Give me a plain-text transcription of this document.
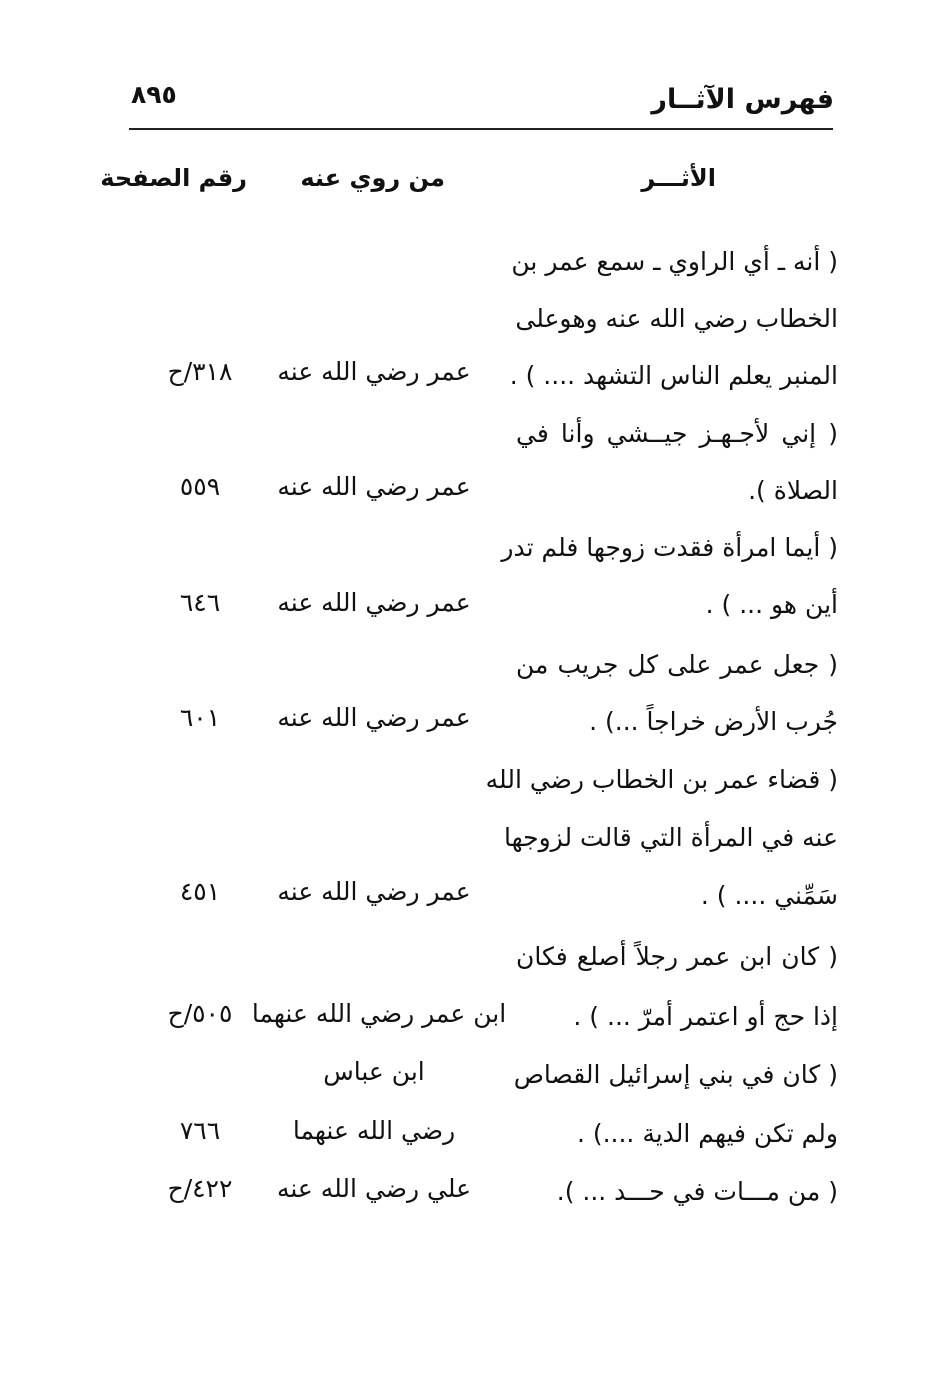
فهرس الآثــار
٨٩٥
الأثـــر
من روي عنه
رقم الصفحة
( أنه ـ أي الراوي ـ سمع عمر بن
الخطاب رضي الله عنه وهوعلى
المنبر يعلم الناس التشهد .... ) .
عمر رضي الله عنه
٣١٨/ح
( إني لأجـهـز جيــشي وأنا في
الصلاة ).
عمر رضي الله عنه
٥٥٩
( أيما امرأة فقدت زوجها فلم تدر
أين هو ... ) .
عمر رضي الله عنه
٦٤٦
( جعل عمر على كل جريب من
جُرب الأرض خراجاً ...) .
عمر رضي الله عنه
٦٠١
( قضاء عمر بن الخطاب رضي الله
عنه في المرأة التي قالت لزوجها
سَمِّني .... ) .
عمر رضي الله عنه
٤٥١
( كان ابن عمر رجلاً أصلع فكان
إذا حج أو اعتمر أمرّ ... ) .
ابن عمر رضي الله عنهما
٥٠٥/ح
( كان في بني إسرائيل القصاص
ولم تكن فيهم الدية ....) .
ابن عباس
رضي الله عنهما
٧٦٦
( من مـــات في حـــد ... ).
علي رضي الله عنه
٤٢٢/ح
